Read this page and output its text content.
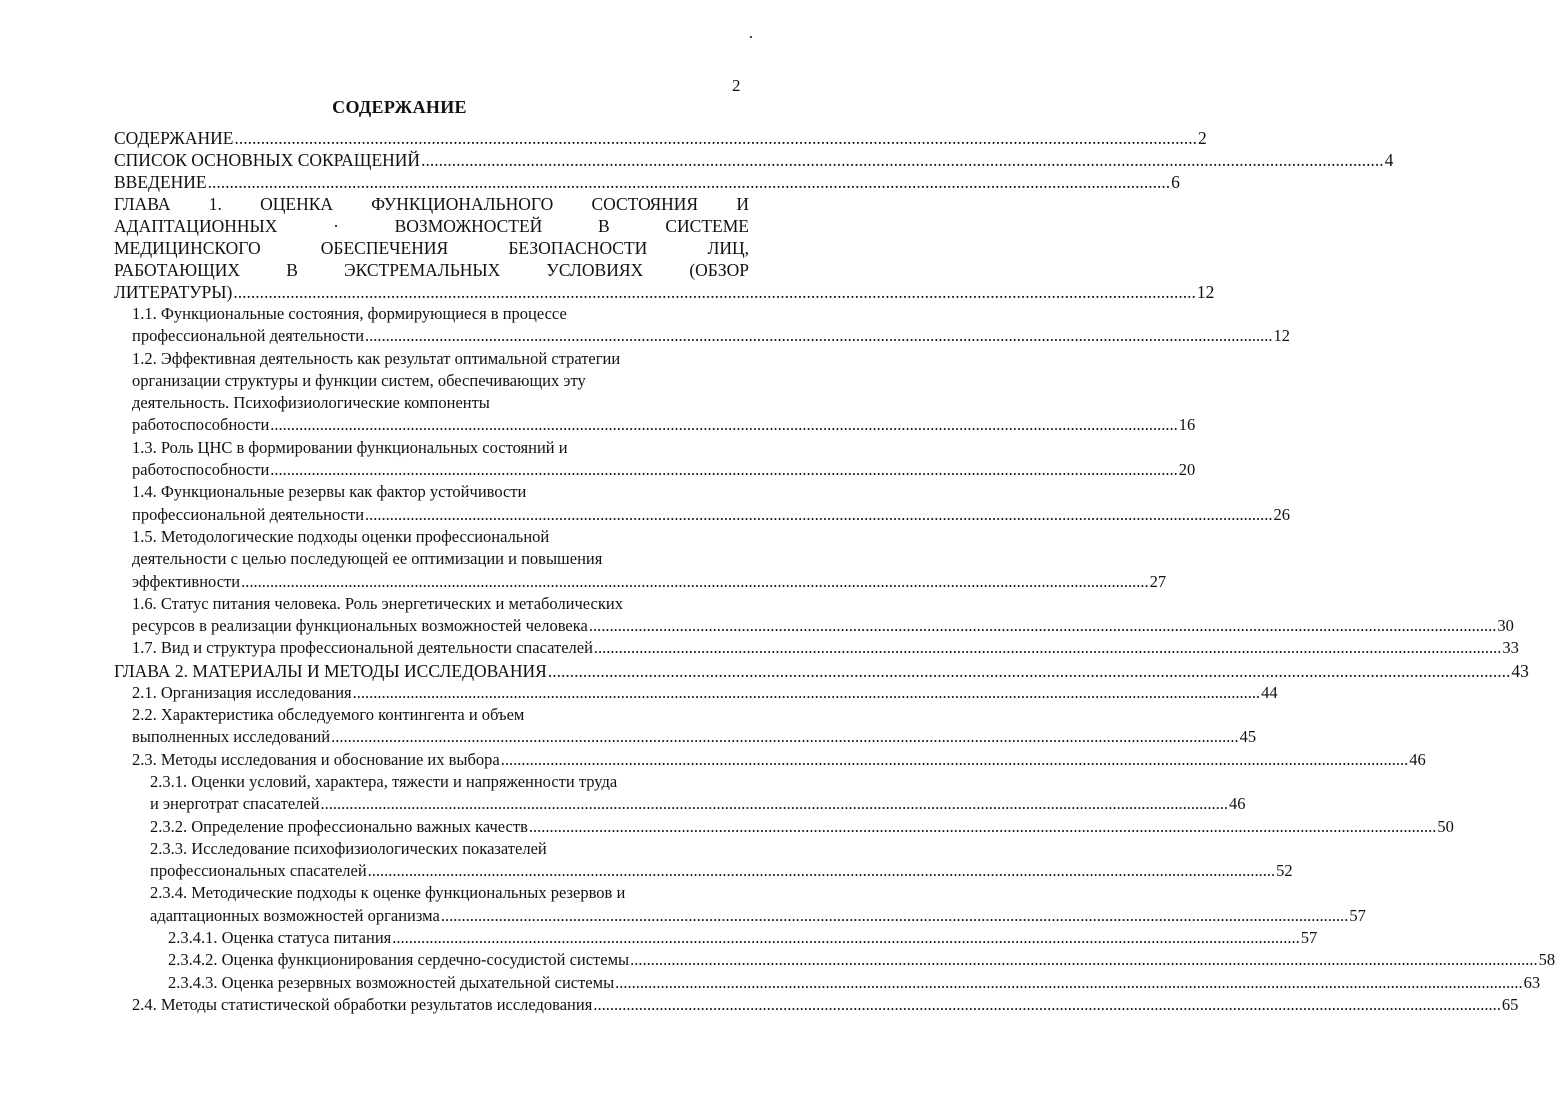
2
СОДЕРЖАНИЕ
СОДЕРЖАНИЕ ............................................................................................................................................................................................................................ 2
СПИСОК ОСНОВНЫХ СОКРАЩЕНИЙ ............................................................................................................................................................................................................................ 4
ВВЕДЕНИЕ ............................................................................................................................................................................................................................ 6
ГЛАВА 1. ОЦЕНКА ФУНКЦИОНАЛЬНОГО СОСТОЯНИЯ И
АДАПТАЦИОННЫХ · ВОЗМОЖНОСТЕЙ В СИСТЕМЕ
МЕДИЦИНСКОГО ОБЕСПЕЧЕНИЯ БЕЗОПАСНОСТИ ЛИЦ,
РАБОТАЮЩИХ В ЭКСТРЕМАЛЬНЫХ УСЛОВИЯХ (ОБЗОР
ЛИТЕРАТУРЫ) ............................................................................................................................................................................................................................ 12
1.1. Функциональные состояния, формирующиеся в процессе
профессиональной деятельности ............................................................................................................................................................................................................................ 12
1.2. Эффективная деятельность как результат оптимальной стратегии
организации структуры и функции систем, обеспечивающих эту
деятельность. Психофизиологические компоненты
работоспособности ............................................................................................................................................................................................................................ 16
1.3. Роль ЦНС в формировании функциональных состояний и
работоспособности ............................................................................................................................................................................................................................ 20
1.4. Функциональные резервы как фактор устойчивости
профессиональной деятельности ............................................................................................................................................................................................................................ 26
1.5. Методологические подходы оценки профессиональной
деятельности с целью последующей ее оптимизации и повышения
эффективности ............................................................................................................................................................................................................................ 27
1.6. Статус питания человека. Роль энергетических и метаболических
ресурсов в реализации функциональных возможностей человека ............................................................................................................................................................................................................................ 30
1.7. Вид и структура профессиональной деятельности спасателей ............................................................................................................................................................................................................................ 33
ГЛАВА 2. МАТЕРИАЛЫ И МЕТОДЫ ИССЛЕДОВАНИЯ ............................................................................................................................................................................................................................ 43
2.1. Организация исследования ............................................................................................................................................................................................................................ 44
2.2. Характеристика обследуемого контингента и объем
выполненных исследований ............................................................................................................................................................................................................................ 45
2.3. Методы исследования и обоснование их выбора ............................................................................................................................................................................................................................ 46
2.3.1. Оценки условий, характера, тяжести и напряженности труда
и энерготрат спасателей ............................................................................................................................................................................................................................ 46
2.3.2. Определение профессионально важных качеств ............................................................................................................................................................................................................................ 50
2.3.3. Исследование психофизиологических показателей
профессиональных спасателей ............................................................................................................................................................................................................................ 52
2.3.4. Методические подходы к оценке функциональных резервов и
адаптационных возможностей организма ............................................................................................................................................................................................................................ 57
2.3.4.1. Оценка статуса питания ............................................................................................................................................................................................................................ 57
2.3.4.2. Оценка функционирования сердечно-сосудистой системы ............................................................................................................................................................................................................................ 58
2.3.4.3. Оценка резервных возможностей дыхательной системы ............................................................................................................................................................................................................................ 63
2.4. Методы статистической обработки результатов исследования ............................................................................................................................................................................................................................ 65
